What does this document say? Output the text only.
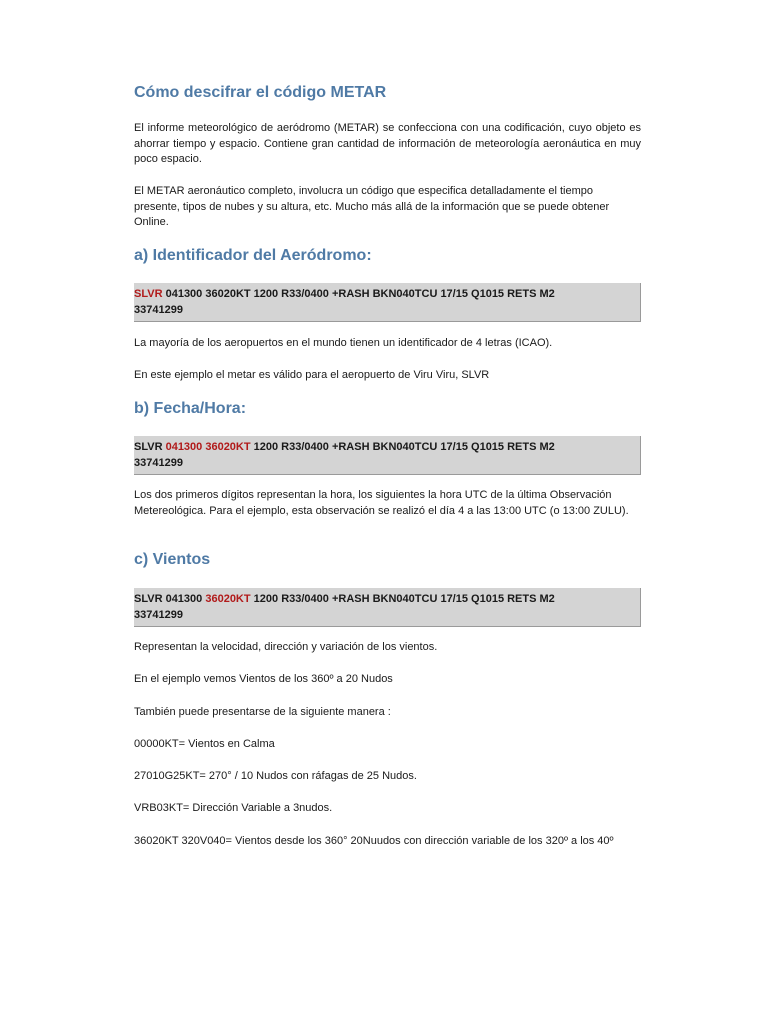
Cómo descifrar el código METAR

El informe meteorológico de aeródromo (METAR) se confecciona con una codificación, cuyo objeto es ahorrar tiempo y espacio. Contiene gran cantidad de información de meteorología aeronáutica en muy poco espacio.

El METAR aeronáutico completo, involucra un código que especifica detalladamente el tiempo presente, tipos de nubes y su altura, etc. Mucho más allá de la información que se puede obtener Online.

a) Identificador del Aeródromo:

SLVR 041300 36020KT 1200 R33/0400 +RASH BKN040TCU 17/15 Q1015 RETS M2

33741299

La mayoría de los aeropuertos en el mundo tienen un identificador de 4 letras (ICAO).

En este ejemplo el metar es válido para el aeropuerto de Viru Viru, SLVR

b) Fecha/Hora:

SLVR 041300 36020KT 1200 R33/0400 +RASH BKN040TCU 17/15 Q1015 RETS M2

33741299

Los dos primeros dígitos representan la hora, los siguientes la hora UTC de la última Observación Metereológica. Para el ejemplo, esta observación se realizó el día 4 a las 13:00 UTC (o 13:00 ZULU).

c) Vientos

SLVR 041300 36020KT 1200 R33/0400 +RASH BKN040TCU 17/15 Q1015 RETS M2

33741299

Representan la velocidad, dirección y variación de los vientos.

En el ejemplo vemos Vientos de los 360º a 20 Nudos

También puede presentarse de la siguiente manera :

00000KT= Vientos en Calma

27010G25KT= 270° / 10 Nudos con ráfagas de 25 Nudos.

VRB03KT= Dirección Variable a 3nudos.

36020KT 320V040= Vientos desde los 360° 20Nuudos con dirección variable de los 320º a los 40º
